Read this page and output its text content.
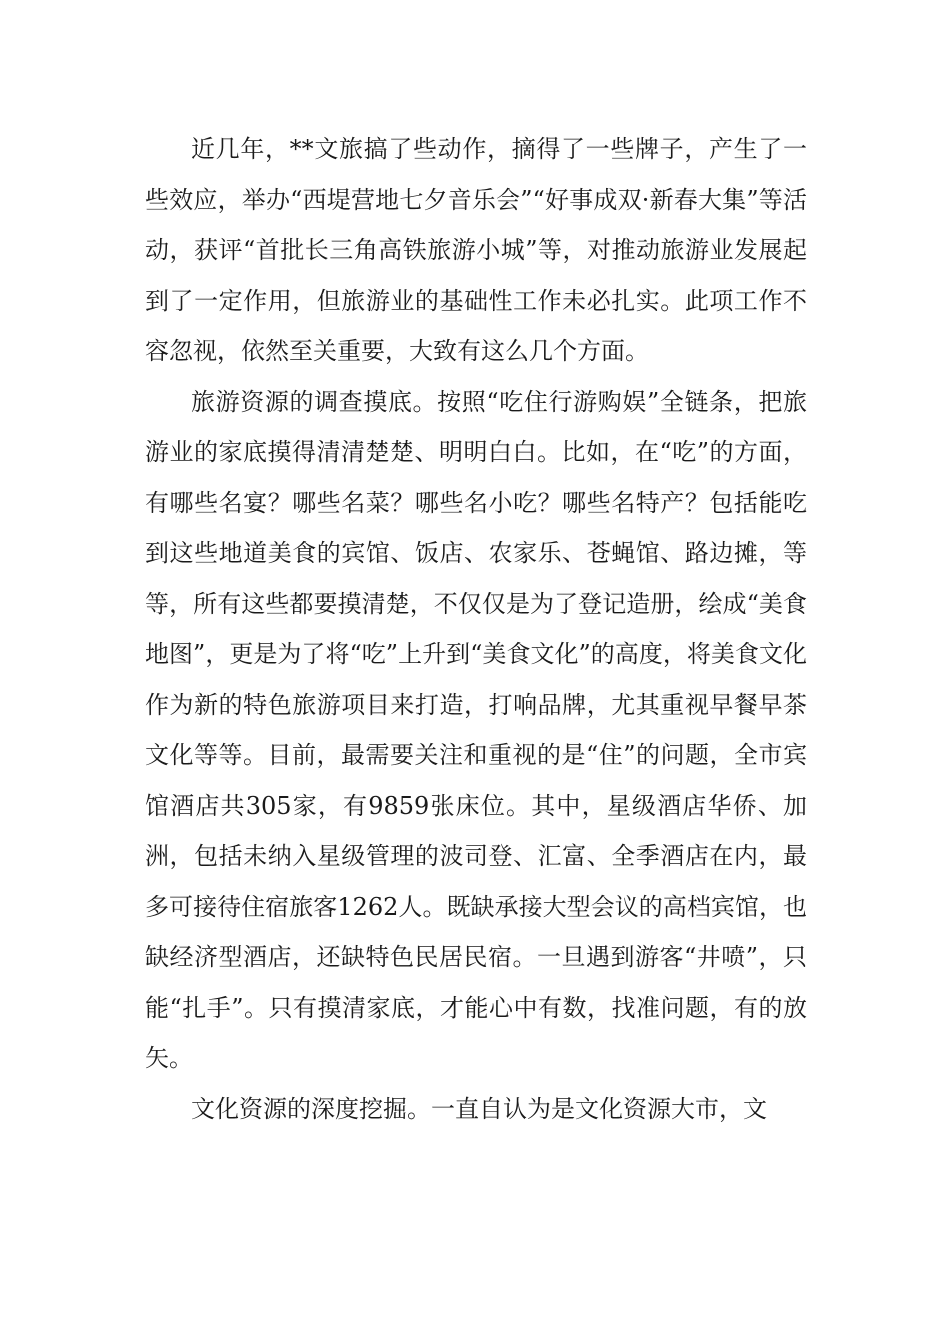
近几年，**文旅搞了些动作，摘得了一些牌子，产生了一些效应，举办“西堤营地七夕音乐会”“好事成双·新春大集”等活动，获评“首批长三角高铁旅游小城”等，对推动旅游业发展起到了一定作用，但旅游业的基础性工作未必扎实。此项工作不容忽视，依然至关重要，大致有这么几个方面。

旅游资源的调查摸底。按照“吃住行游购娱”全链条，把旅游业的家底摸得清清楚楚、明明白白。比如，在“吃”的方面，有哪些名宴？哪些名菜？哪些名小吃？哪些名特产？包括能吃到这些地道美食的宾馆、饭店、农家乐、苍蝇馆、路边摊，等等，所有这些都要摸清楚，不仅仅是为了登记造册，绘成“美食地图”，更是为了将“吃”上升到“美食文化”的高度，将美食文化作为新的特色旅游项目来打造，打响品牌，尤其重视早餐早茶文化等等。目前，最需要关注和重视的是“住”的问题，全市宾馆酒店共305家，有9859张床位。其中，星级酒店华侨、加洲，包括未纳入星级管理的波司登、汇富、全季酒店在内，最多可接待住宿旅客1262人。既缺承接大型会议的高档宾馆，也缺经济型酒店，还缺特色民居民宿。一旦遇到游客“井喷”，只能“扎手”。只有摸清家底，才能心中有数，找准问题，有的放矢。

文化资源的深度挖掘。一直自认为是文化资源大市，文
